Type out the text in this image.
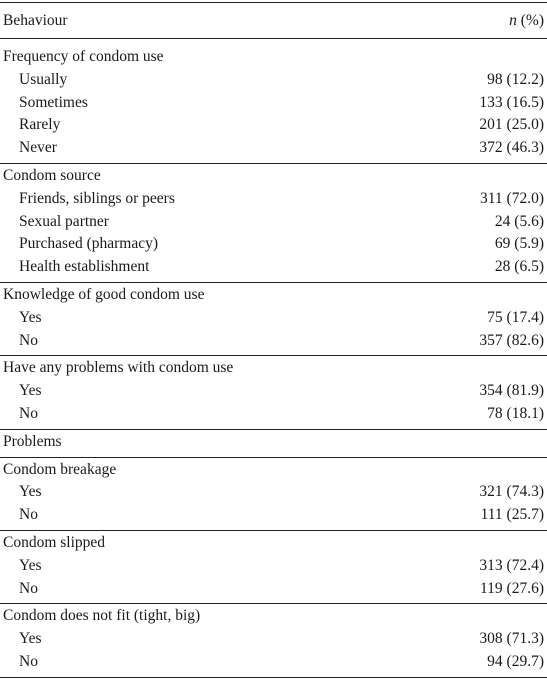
Behaviour	n (%)
Frequency of condom use
Usually	98 (12.2)
Sometimes	133 (16.5)
Rarely	201 (25.0)
Never	372 (46.3)
Condom source
Friends, siblings or peers	311 (72.0)
Sexual partner	24 (5.6)
Purchased (pharmacy)	69 (5.9)
Health establishment	28 (6.5)
Knowledge of good condom use
Yes	75 (17.4)
No	357 (82.6)
Have any problems with condom use
Yes	354 (81.9)
No	78 (18.1)
Problems
Condom breakage
Yes	321 (74.3)
No	111 (25.7)
Condom slipped
Yes	313 (72.4)
No	119 (27.6)
Condom does not fit (tight, big)
Yes	308 (71.3)
No	94 (29.7)
